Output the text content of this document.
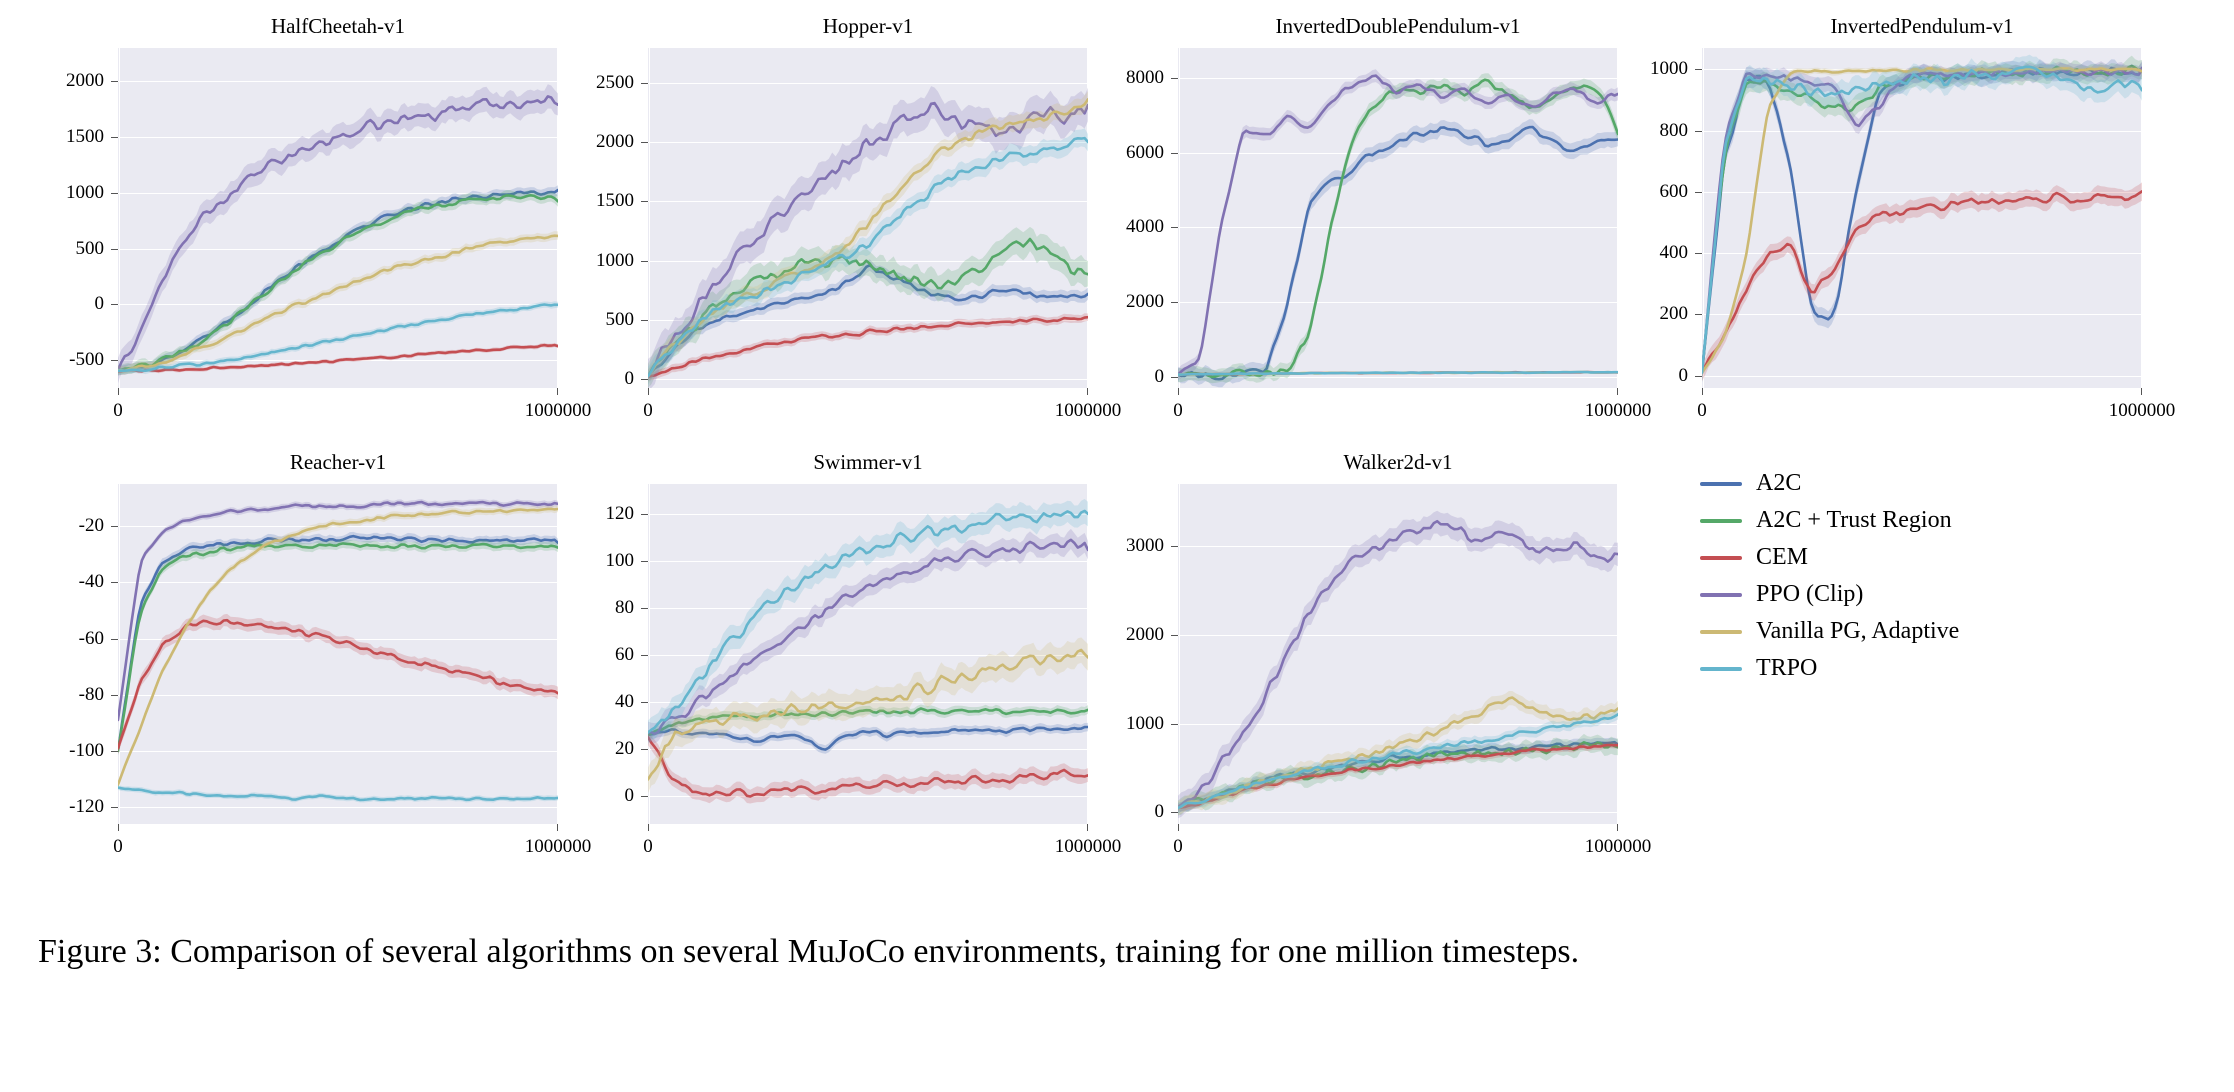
HalfCheetah-v1
-500
0
500
1000
1500
2000
0	1000000
Hopper-v1
0
500
1000
1500
2000
2500
0	1000000
InvertedDoublePendulum-v1
0
2000
4000
6000
8000
0	1000000
InvertedPendulum-v1
0
200
400
600
800
1000
0	1000000
Reacher-v1
-20
-40
-60
-80
-100
-120
0	1000000
Swimmer-v1
0
20
40
60
80
100
120
0	1000000
Walker2d-v1
0
1000
2000
3000
0	1000000
A2C
A2C + Trust Region
CEM
PPO (Clip)
Vanilla PG, Adaptive
TRPO
Figure 3: Comparison of several algorithms on several MuJoCo environments, training for one million timesteps.
